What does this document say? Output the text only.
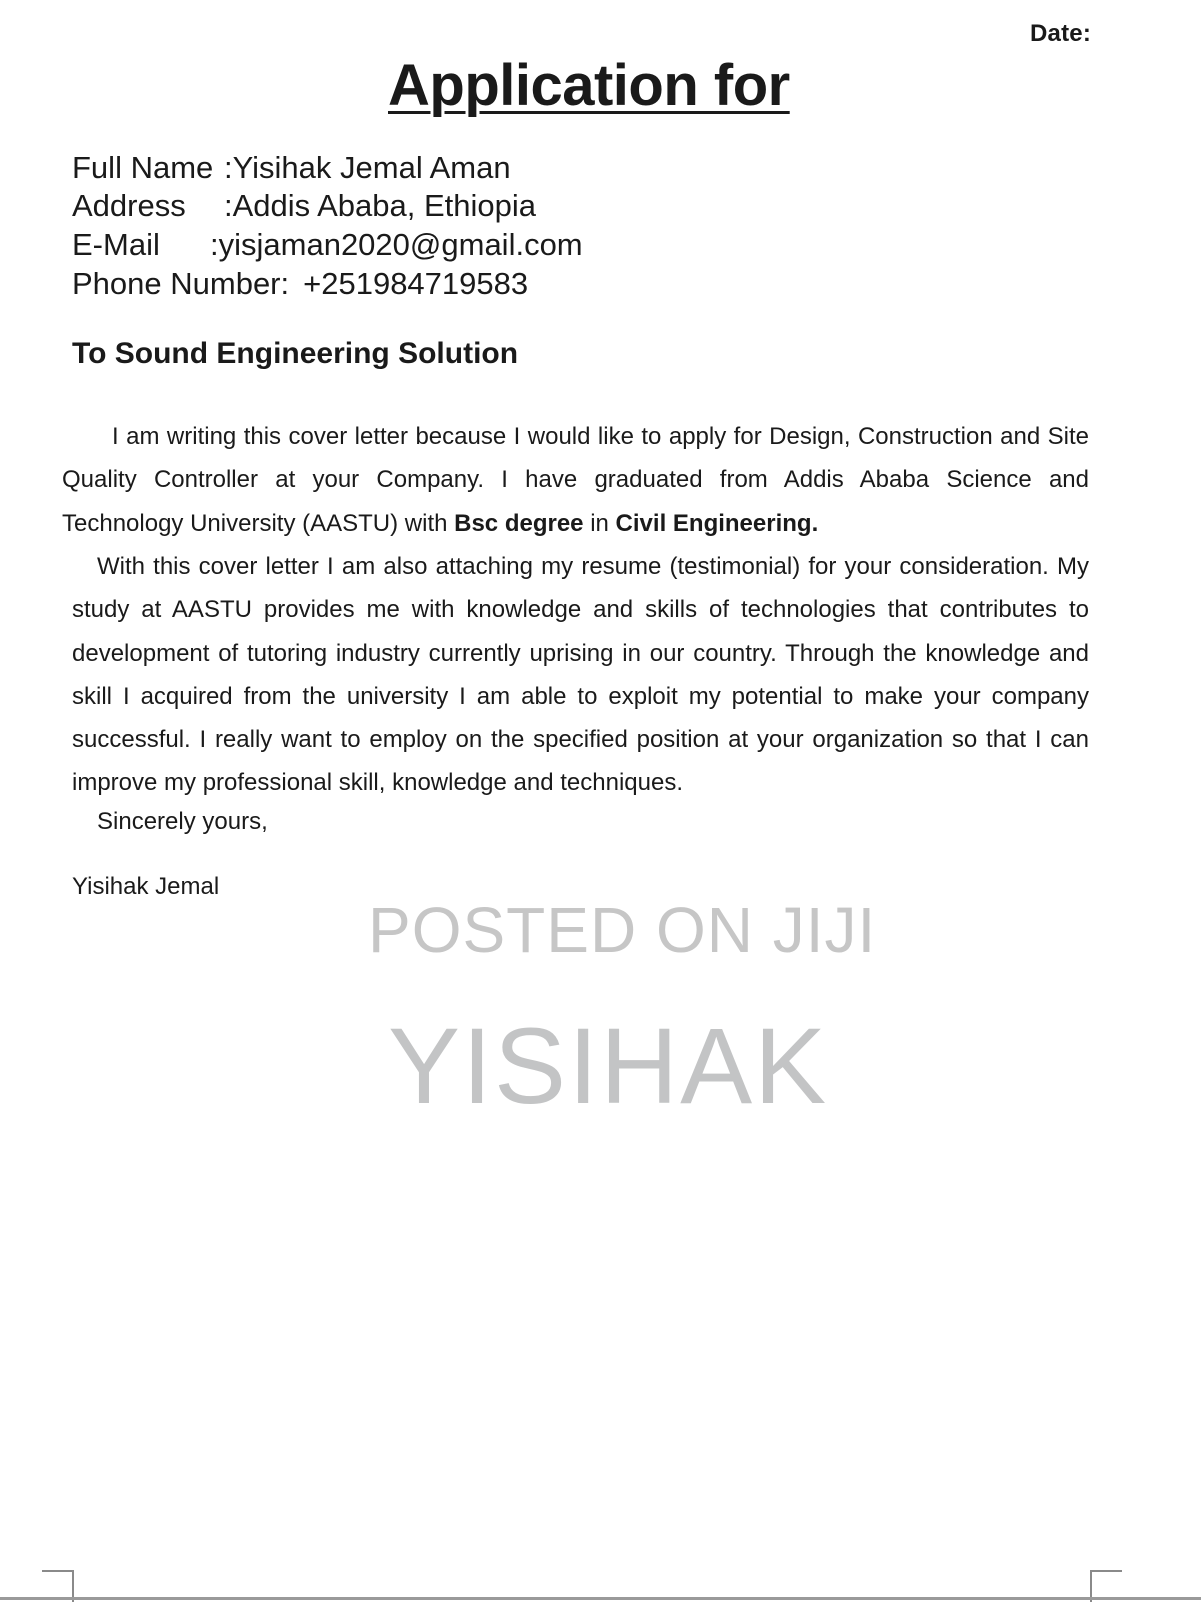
Date:
Application for
Full Name:Yisihak Jemal Aman
Address:Addis Ababa, Ethiopia
E-Mail:yisjaman2020@gmail.com
Phone Number: +251984719583
To Sound Engineering Solution
I am writing this cover letter because I would like to apply for Design, Construction and Site Quality Controller at your Company. I have graduated from Addis Ababa Science and Technology University (AASTU) with Bsc degree in Civil Engineering.
With this cover letter I am also attaching my resume (testimonial) for your consideration. My study at AASTU provides me with knowledge and skills of technologies that contributes to development of tutoring industry currently uprising in our country. Through the knowledge and skill I acquired from the university I am able to exploit my potential to make your company successful. I really want to employ on the specified position at your organization so that I can improve my professional skill, knowledge and techniques.
Sincerely yours,
Yisihak Jemal
POSTED ON JIJI
YISIHAK
